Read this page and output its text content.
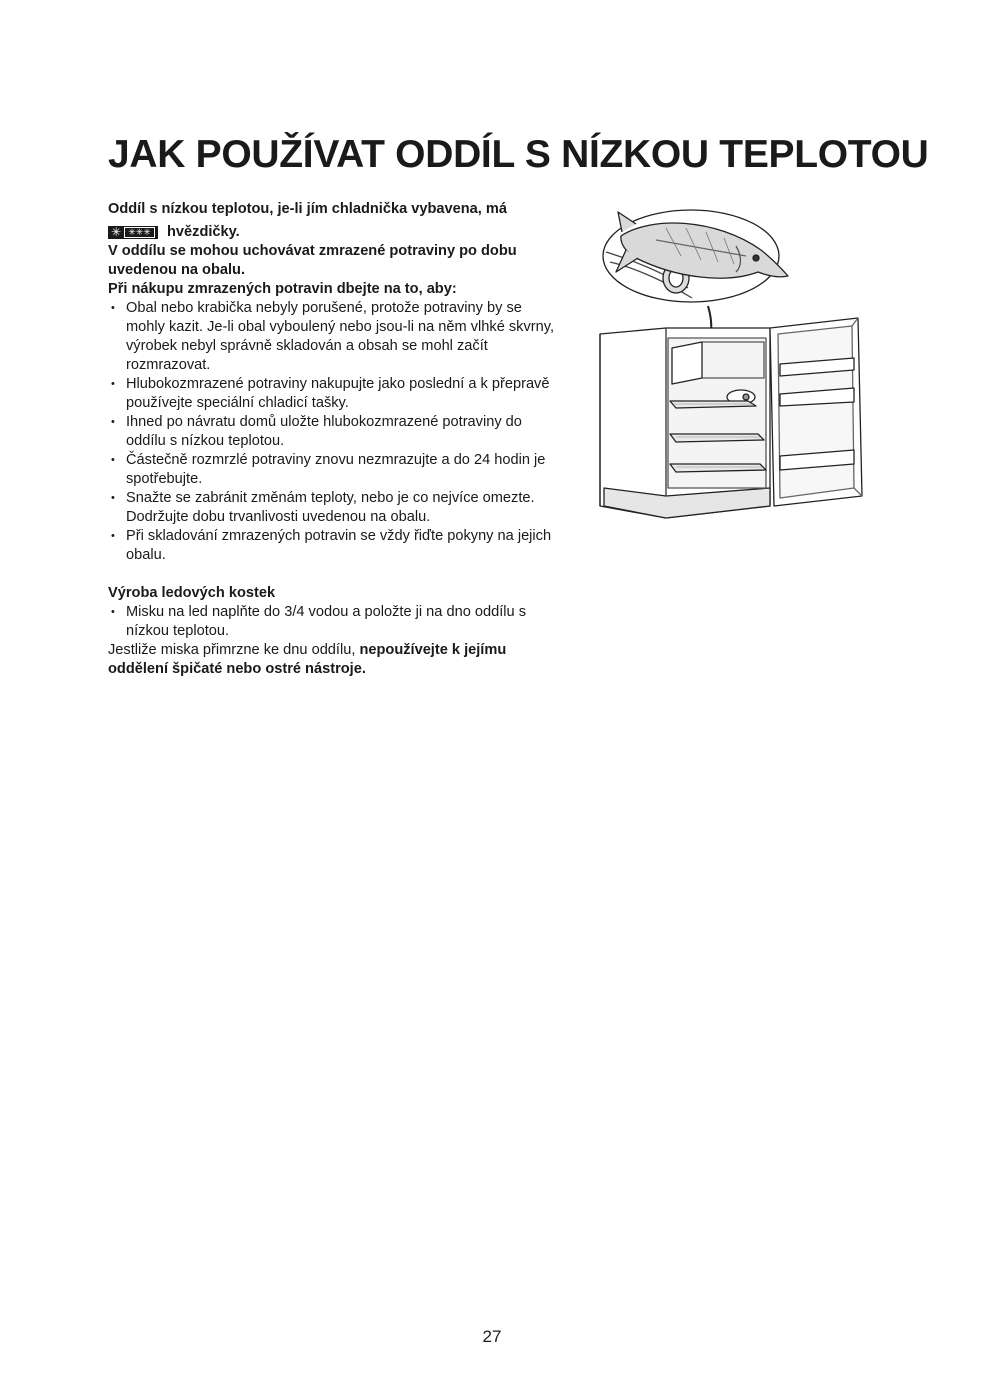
JAK POUŽÍVAT ODDÍL S NÍZKOU TEPLOTOU

Oddíl s nízkou teplotou, je-li jím chladnička vybavena, má

✳ ✳✳✳ hvězdičky.

V oddílu se mohou uchovávat zmrazené potraviny po dobu uvedenou na obalu.

Při nákupu zmrazených potravin dbejte na to, aby:

• Obal nebo krabička nebyly porušené, protože potraviny by se mohly kazit. Je-li obal vyboulený nebo jsou-li na něm vlhké skvrny, výrobek nebyl správně skladován a obsah se mohl začít rozmrazovat.
• Hlubokozmrazené potraviny nakupujte jako poslední a k přepravě používejte speciální chladicí tašky.
• Ihned po návratu domů uložte hlubokozmrazené potraviny do oddílu s nízkou teplotou.
• Částečně rozmrzlé potraviny znovu nezmrazujte a do 24 hodin je spotřebujte.
• Snažte se zabránit změnám teploty, nebo je co nejvíce omezte.

Dodržujte dobu trvanlivosti uvedenou na obalu.

• Při skladování zmrazených potravin se vždy řiďte pokyny na jejich obalu.

Výroba ledových kostek

• Misku na led naplňte do 3/4 vodou a položte ji na dno oddílu s nízkou teplotou.

Jestliže miska přimrzne ke dnu oddílu, nepoužívejte k jejímu oddělení špičaté nebo ostré nástroje.

27
